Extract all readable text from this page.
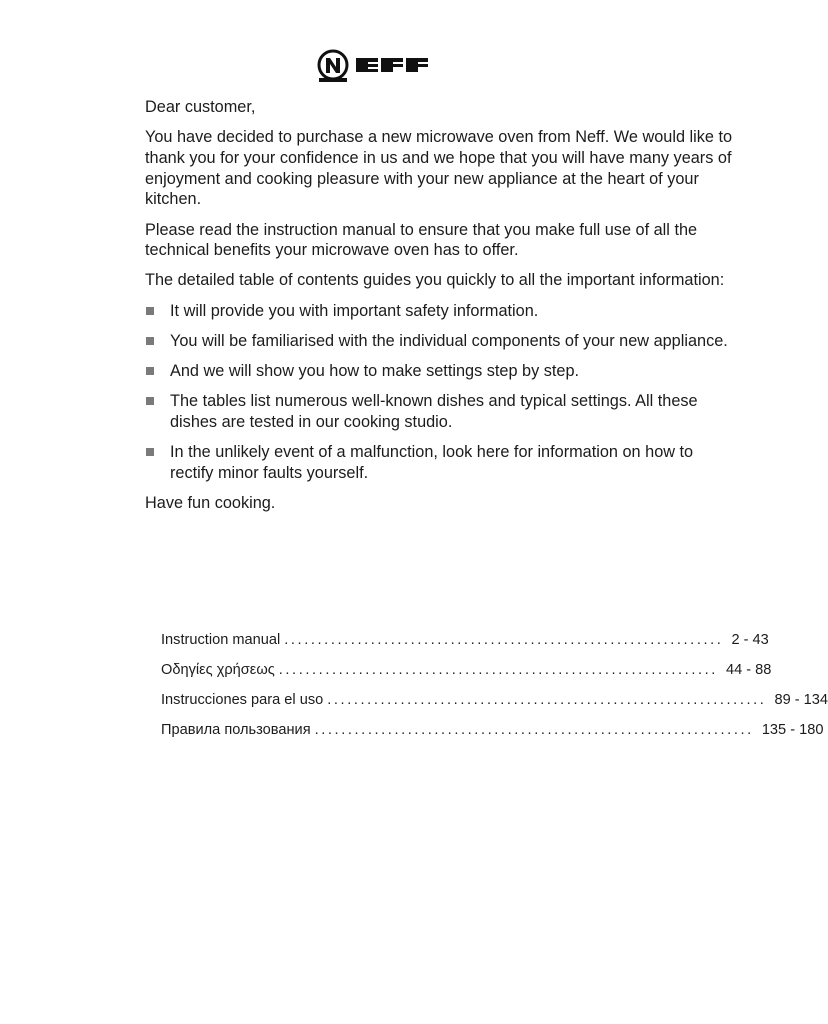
Dear customer,

You have decided to purchase a new microwave oven from Neff. We would like to thank you for your confidence in us and we hope that you will have many years of enjoyment and cooking pleasure with your new appliance at the heart of your kitchen.

Please read the instruction manual to ensure that you make full use of all the technical benefits your microwave oven has to offer.

The detailed table of contents guides you quickly to all the important information:

It will provide you with important safety information.
You will be familiarised with the individual components of your new appliance.
And we will show you how to make settings step by step.
The tables list numerous well-known dishes and typical settings. All these dishes are tested in our cooking studio.
In the unlikely event of a malfunction, look here for information on how to rectify minor faults yourself.

Have fun cooking.

Instruction manual .................................................................. 2 - 43
Οδηγίες χρήσεως .................................................................. 44 - 88
Instrucciones para el uso .................................................................. 89 - 134
Правила пользования .................................................................. 135 - 180
